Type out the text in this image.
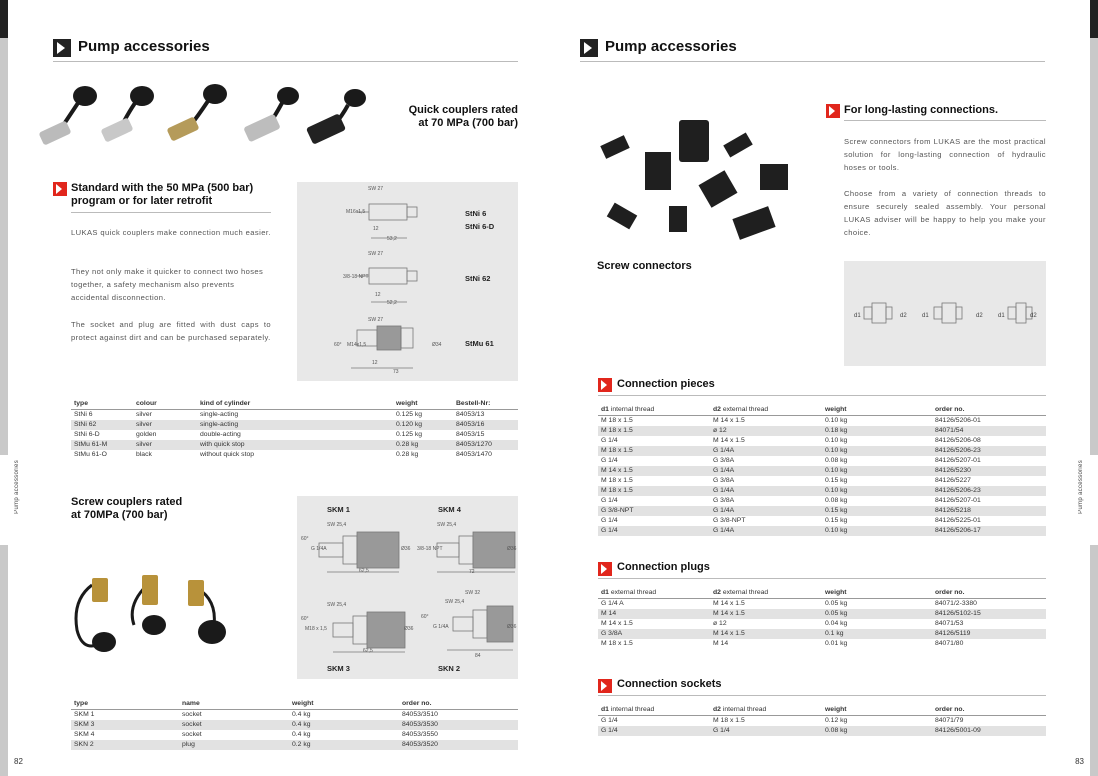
Pump accessories	Pump accessories
82	83
Pump accessories
Quick couplers rated
at 70 MPa (700 bar)
Standard with the 50 MPa (500 bar)
program or for later retrofit
LUKAS quick couplers make connection much easier.
They not only make it quicker to connect two hoses together, a safety mechanism also prevents accidental disconnection.
The socket and plug are fitted with dust caps to protect against dirt and can be purchased separately.
SW 27
M16x1,5
12
53,2
SW 27
3/8-18 NPT
12
52,2
SW 27
60° M14x1,5	Ø34
12
73
StNi 6
StNi 6-D
StNi 62
StMu 61
type	colour	kind of cylinder	weight	Bestell-Nr:
StNi 6	silver	single-acting	0.125 kg	84053/13
StNi 62	silver	single-acting	0.120 kg	84053/16
StNi 6-D	golden	double-acting	0.125 kg	84053/15
StMu 61-M	silver	with quick stop	0.28 kg	84053/1270
StMu 61-O	black	without quick stop	0.28 kg	84053/1470
Screw couplers rated
at 70MPa (700 bar)	SKM 1	SKM 4
SKM 3	SKN 2
SW 25,4
60°
G 1/4A	Ø36
62,5
SW 25,4
3/8-18 NPT	Ø36
72
SW 25,4
60°
M18 x 1,5	Ø36
62,5
SW 32
SW 25,4
60°
G 1/4A	Ø36
84
type	name	weight	order no.
SKM 1	socket	0.4 kg	84053/3510
SKM 3	socket	0.4 kg	84053/3530
SKM 4	socket	0.4 kg	84053/3550
SKN 2	plug	0.2 kg	84053/3520
Pump accessories
Screw connectors
For long-lasting connections.
Screw connectors from LUKAS are the most practical solution for long-lasting connection of hydraulic hoses or tools.
Choose from a variety of connection threads to ensure securely sealed assembly. Your personal LUKAS adviser will be happy to help you make your choice.
d1	d2	d1	d2	d1	d2
Connection pieces
d1 internal thread	d2 external thread	weight	order no.
M 18 x 1.5	M 14 x 1.5	0.10 kg	84126/5206-01
M 18 x 1.5	ø 12	0.18 kg	84071/54
G 1/4	M 14 x 1.5	0.10 kg	84126/5206-08
M 18 x 1.5	G 1/4A	0.10 kg	84126/5206-23
G 1/4	G 3/8A	0.08 kg	84126/5207-01
M 14 x 1.5	G 1/4A	0.10 kg	84126/5230
M 18 x 1.5	G 3/8A	0.15 kg	84126/5227
M 18 x 1.5	G 1/4A	0.10 kg	84126/5206-23
G 1/4	G 3/8A	0.08 kg	84126/5207-01
G 3/8-NPT	G 1/4A	0.15 kg	84126/5218
G 1/4	G 3/8-NPT	0.15 kg	84126/5225-01
G 1/4	G 1/4A	0.10 kg	84126/5206-17
Connection plugs
d1 external thread	d2 external thread	weight	order no.
G 1/4 A	M 14 x 1.5	0.05 kg	84071/2-3380
M 14	M 14 x 1.5	0.05 kg	84126/5102-15
M 14 x 1.5	ø 12	0.04 kg	84071/53
G 3/8A	M 14 x 1.5	0.1 kg	84126/5119
M 18 x 1.5	M 14	0.01 kg	84071/80
Connection sockets
d1 internal thread	d2 internal thread	weight	order no.
G 1/4	M 18 x 1.5	0.12 kg	84071/79
G 1/4	G 1/4	0.08 kg	84126/5001-09
